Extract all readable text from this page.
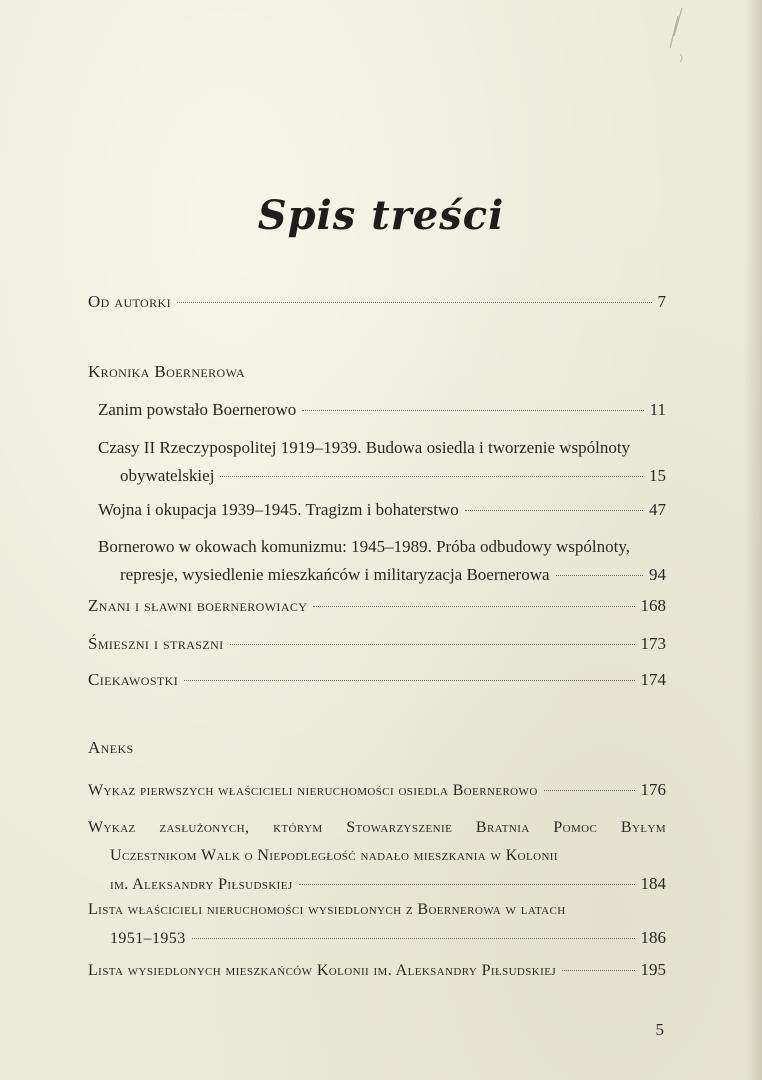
Spis treści
Od autorki	7
Kronika Boernerowa
Zanim powstało Boernerowo	11
Czasy II Rzeczypospolitej 1919–1939. Budowa osiedla i tworzenie wspólnoty
obywatelskiej	15
Wojna i okupacja 1939–1945. Tragizm i bohaterstwo	47
Bornerowo w okowach komunizmu: 1945–1989. Próba odbudowy wspólnoty,
represje, wysiedlenie mieszkańców i militaryzacja Boernerowa	94
Znani i sławni boernerowiacy	168
Śmieszni i straszni	173
Ciekawostki	174
Aneks
Wykaz pierwszych właścicieli nieruchomości osiedla Boernerowo	176
Wykaz zasłużonych, którym Stowarzyszenie Bratnia Pomoc Byłym
Uczestnikom Walk o Niepodległość nadało mieszkania w Kolonii
im. Aleksandry Piłsudskiej	184
Lista właścicieli nieruchomości wysiedlonych z Boernerowa w latach
1951–1953	186
Lista wysiedlonych mieszkańców Kolonii im. Aleksandry Piłsudskiej	195
5
